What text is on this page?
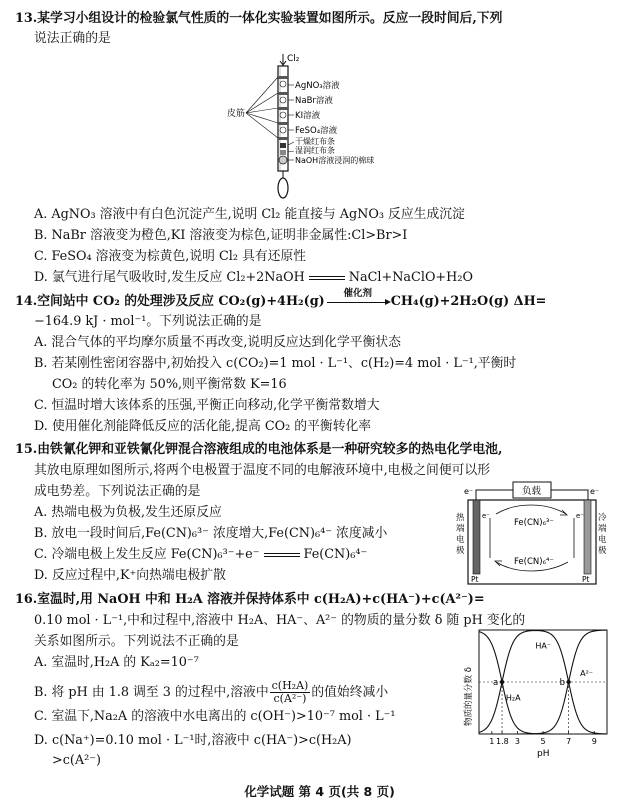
13.某学习小组设计的检验氯气性质的一体化实验装置如图所示。反应一段时间后,下列
说法正确的是
Cl₂
皮筋
AgNO₃溶液
NaBr溶液
KI溶液
FeSO₄溶液
干燥红布条
湿润红布条
NaOH溶液浸润的棉球
A. AgNO₃ 溶液中有白色沉淀产生,说明 Cl₂ 能直接与 AgNO₃ 反应生成沉淀
B. NaBr 溶液变为橙色,KI 溶液变为棕色,证明非金属性:Cl>Br>I
C. FeSO₄ 溶液变为棕黄色,说明 Cl₂ 具有还原性
D. 氯气进行尾气吸收时,发生反应 Cl₂+2NaOH	NaCl+NaClO+H₂O
14.空间站中 CO₂ 的处理涉及反应 CO₂(g)+4H₂(g)
催化剂
CH₄(g)+2H₂O(g) ΔH=
−164.9 kJ · mol⁻¹。下列说法正确的是
A. 混合气体的平均摩尔质量不再改变,说明反应达到化学平衡状态
B. 若某刚性密闭容器中,初始投入 c(CO₂)=1 mol · L⁻¹、c(H₂)=4 mol · L⁻¹,平衡时
CO₂ 的转化率为 50%,则平衡常数 K=16
C. 恒温时增大该体系的压强,平衡正向移动,化学平衡常数增大
D. 使用催化剂能降低反应的活化能,提高 CO₂ 的平衡转化率
15.由铁氰化钾和亚铁氰化钾混合溶液组成的电池体系是一种研究较多的热电化学电池,
其放电原理如图所示,将两个电极置于温度不同的电解液环境中,电极之间便可以形
成电势差。下列说法正确的是
A. 热端电极为负极,发生还原反应
B. 放电一段时间后,Fe(CN)₆³⁻ 浓度增大,Fe(CN)₆⁴⁻ 浓度减小
C. 冷端电极上发生反应 Fe(CN)₆³⁻+e⁻	Fe(CN)₆⁴⁻
D. 反应过程中,K⁺向热端电极扩散
负载
e⁻	e⁻
Pt	Pt
热
端
电
极
冷
端
电
极
Fe(CN)₆³⁻
Fe(CN)₆⁴⁻
e⁻	e⁻
16.室温时,用 NaOH 中和 H₂A 溶液并保持体系中 c(H₂A)+c(HA⁻)+c(A²⁻)=
0.10 mol · L⁻¹,中和过程中,溶液中 H₂A、HA⁻、A²⁻ 的物质的量分数 δ 随 pH 变化的
关系如图所示。下列说法不正确的是
A. 室温时,H₂A 的 Kₐ₂=10⁻⁷
B. 将 pH 由 1.8 调至 3 的过程中,溶液中 $\frac{\text{c(H₂A)}}{\text{c(A²⁻)}}$ 的值始终减小
C. 室温下,Na₂A 的溶液中水电离出的 c(OH⁻)>10⁻⁷ mol · L⁻¹
D. c(Na⁺)=0.10 mol · L⁻¹时,溶液中 c(HA⁻)>c(H₂A)
>c(A²⁻)
1 1.8 3	5	7	9
a	b
H₂A
HA⁻
A²⁻
物质的量分数 δ
pH
化学试题 第 4 页(共 8 页)
